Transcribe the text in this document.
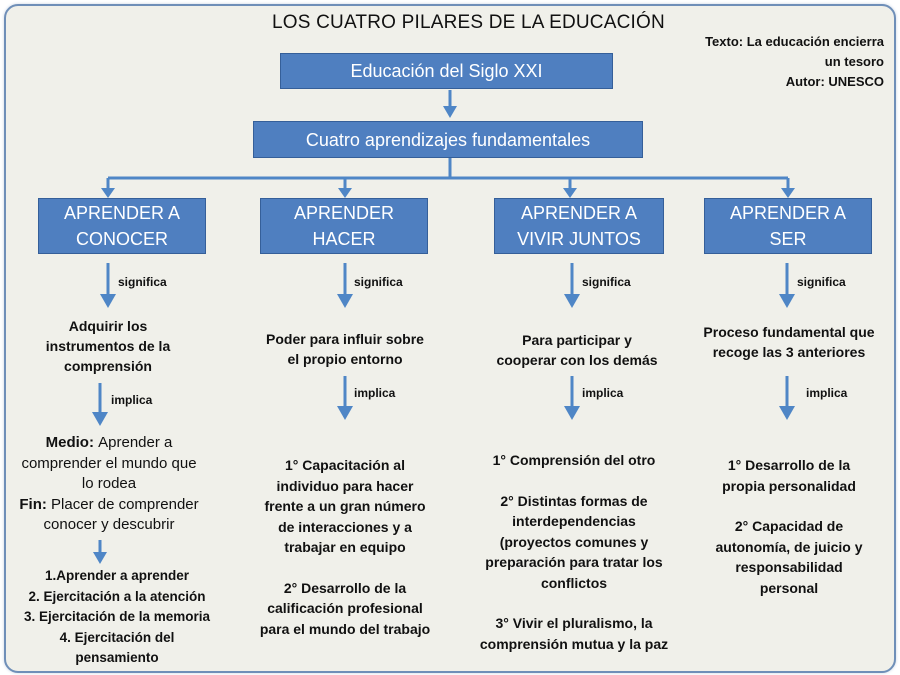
LOS CUATRO PILARES DE LA EDUCACIÓN
Texto: La educación encierra
un tesoro
Autor: UNESCO
Educación del Siglo XXI
Cuatro aprendizajes fundamentales
APRENDER A
CONOCER
APRENDER
HACER
APRENDER A
VIVIR JUNTOS
APRENDER A
SER
significa	significa	significa	significa
Adquirir los
instrumentos de la
comprensión
Poder para influir sobre
el propio entorno
Para participar y
cooperar con los demás
Proceso fundamental que
recoge las 3 anteriores
implica	implica	implica	implica
Medio: Aprender a
comprender el mundo que
lo rodea
Fin: Placer de comprender
conocer y descubrir
1.Aprender a aprender
2. Ejercitación a la atención
3. Ejercitación de la memoria
4. Ejercitación del
pensamiento
1° Capacitación al
individuo para hacer
frente a un gran número
de interacciones y a
trabajar en equipo
2° Desarrollo de la
calificación profesional
para el mundo del trabajo
1° Comprensión del otro
2° Distintas formas de
interdependencias
(proyectos comunes y
preparación para tratar los
conflictos
3° Vivir el pluralismo, la
comprensión mutua y la paz
1° Desarrollo de la
propia personalidad
2° Capacidad de
autonomía, de juicio y
responsabilidad
personal
